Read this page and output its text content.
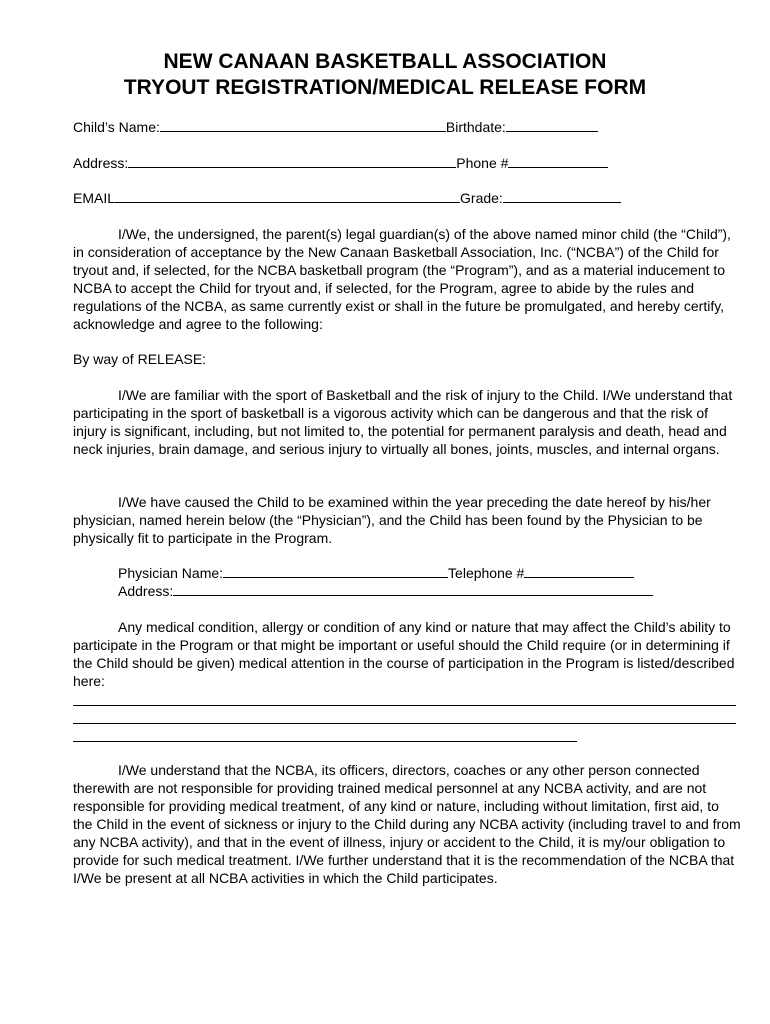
NEW CANAAN BASKETBALL ASSOCIATION
TRYOUT REGISTRATION/MEDICAL RELEASE FORM
Child’s Name:	Birthdate:
Address:	Phone #
EMAIL	Grade:

I/We, the undersigned, the parent(s) legal guardian(s) of the above named minor child (the “Child”), in consideration of acceptance by the New Canaan Basketball Association, Inc. (“NCBA”) of the Child for tryout and, if selected, for the NCBA basketball program (the “Program”), and as a material inducement to NCBA to accept the Child for tryout and, if selected, for the Program, agree to abide by the rules and regulations of the NCBA, as same currently exist or shall in the future be promulgated, and hereby certify, acknowledge and agree to the following:

By way of RELEASE:

I/We are familiar with the sport of Basketball and the risk of injury to the Child. I/We understand that participating in the sport of basketball is a vigorous activity which can be dangerous and that the risk of injury is significant, including, but not limited to, the potential for permanent paralysis and death, head and neck injuries, brain damage, and serious injury to virtually all bones, joints, muscles, and internal organs.

I/We have caused the Child to be examined within the year preceding the date hereof by his/her physician, named herein below (the “Physician”), and the Child has been found by the Physician to be physically fit to participate in the Program.

Physician Name:	Telephone #
Address:

Any medical condition, allergy or condition of any kind or nature that may affect the Child’s ability to participate in the Program or that might be important or useful should the Child require (or in determining if the Child should be given) medical attention in the course of participation in the Program is listed/described here:

I/We understand that the NCBA, its officers, directors, coaches or any other person connected therewith are not responsible for providing trained medical personnel at any NCBA activity, and are not responsible for providing medical treatment, of any kind or nature, including without limitation, first aid, to the Child in the event of sickness or injury to the Child during any NCBA activity (including travel to and from any NCBA activity), and that in the event of illness, injury or accident to the Child, it is my/our obligation to provide for such medical treatment. I/We further understand that it is the recommendation of the NCBA that I/We be present at all NCBA activities in which the Child participates.
